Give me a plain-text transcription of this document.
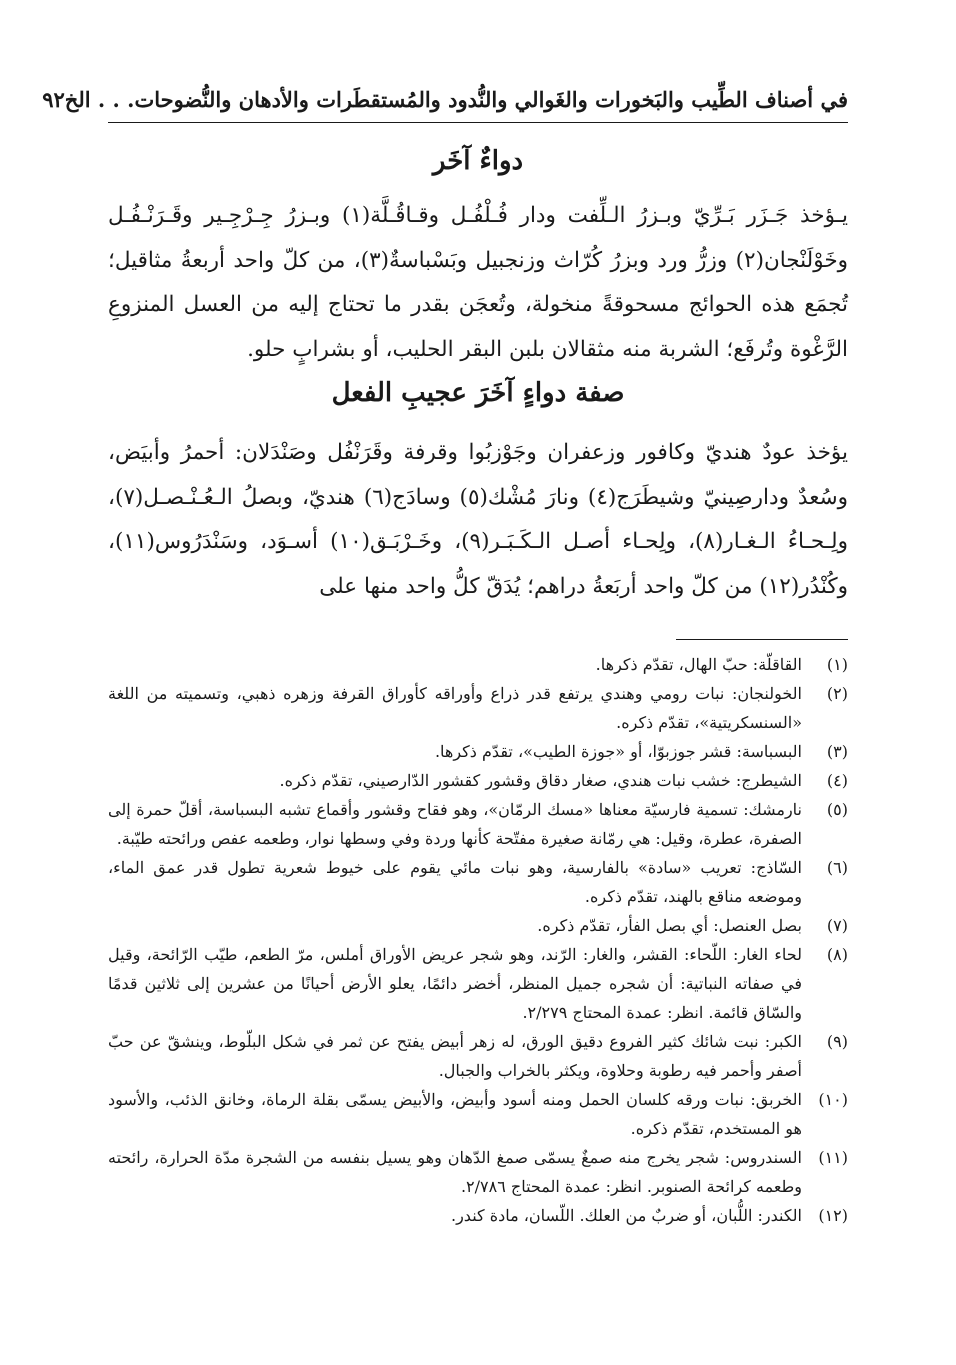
في أصناف الطِّيب والبَخورات والغَوالي والنُّدود والمُستقطَرات والأدهان والنُّضوحات. . . الخ
٩٢
دواءٌ آخَر

يـؤخذ جَـزَر بَـرِّيّ وبـزرُ الـلِّفت ودار فُـلْفُـل وقـاقُـلَّة(١) وبـزرُ جِـرْجِـير وقَـرَنْـفُـل وخَوْلَنْجان(٢) وزرُّ ورد وبزرُ كُرّاث وزنجبيل وبَسْباسةٌ(٣)، من كلّ واحد أربعةُ مثاقيل؛ تُجمَع هذه الحوائج مسحوقةً منخولة، وتُعجَن بقدر ما تحتاج إليه من العسل المنزوعِ الرَّغْوة وتُرفَع؛ الشربة منه مثقالان بلبن البقر الحليب، أو بشرابٍ حلو.

صفة دواءٍ آخَرَ عجيبِ الفعل

يؤخذ عودٌ هنديّ وكافور وزعفران وجَوْزبُوا وقرفة وقَرَنْفُل وصَنْدَلان: أحمرُ وأبيَض، وسُعدٌ ودارصِينيّ وشيطَرَج(٤) ونارَ مُشْك(٥) وسادَج(٦) هنديّ، وبصلُ الـعُـنْـصـل(٧)، ولِـحـاءُ الـغـار(٨)، ولِحـاء أصـل الـكَـبَـر(٩)، وخَـرْبَـق(١٠) أسـوَد، وسَنْدَرُوس(١١)، وكُنْدُر(١٢) من كلّ واحد أربَعةُ دراهم؛ يُدَقّ كلُّ واحد منها على

(١)
القاقلّة: حبّ الهال، تقدّم ذكرها.
(٢)
الخولنجان: نبات رومي وهندي يرتفع قدر ذراع وأوراقه كأوراق القرفة وزهره ذهبي، وتسميته من اللغة «السنسكريتية»، تقدّم ذكره.
(٣)
البسباسة: قشر جوزبوّا، أو «جوزة الطيب»، تقدّم ذكرها.
(٤)
الشيطرج: خشب نبات هندي، صغار دقاق وقشور كقشور الدّارصيني، تقدّم ذكره.
(٥)
نارمشك: تسمية فارسيّة معناها «مسك الرمّان»، وهو فقاح وقشور وأقماع تشبه البسباسة، أقلّ حمرة إلى الصفرة، عطرة، وقيل: هي رمّانة صغيرة مفتّحة كأنها وردة وفي وسطها نوار، وطعمه عفص ورائحته طيّبة.
(٦)
السّاذج: تعريب «سادة» بالفارسية، وهو نبات مائي يقوم على خيوط شعرية تطول قدر عمق الماء، وموضعه مناقع بالهند، تقدّم ذكره.
(٧)
بصل العنصل: أي بصل الفأر، تقدّم ذكره.
(٨)
لحاء الغار: اللّحاء: القشر، والغار: الرّند، وهو شجر عريض الأوراق أملس، مرّ الطعم، طيّب الرّائحة، وقيل في صفاته النباتية: أن شجره جميل المنظر، أخضر دائمًا، يعلو الأرض أحيانًا من عشرين إلى ثلاثين قدمًا والسّاق قائمة. انظر: عمدة المحتاج ٢/٢٧٩.
(٩)
الكبر: نبت شائك كثير الفروع دقيق الورق، له زهر أبيض يفتح عن ثمر في شكل البلّوط، وينشقّ عن حبّ أصفر وأحمر فيه رطوبة وحلاوة، ويكثر بالخراب والجبال.
(١٠)
الخربق: نبات ورقه كلسان الحمل ومنه أسود وأبيض، والأبيض يسمّى بقلة الرماة، وخانق الذئب، والأسود هو المستخدم، تقدّم ذكره.
(١١)
السندروس: شجر يخرج منه صمغٌ يسمّى صمغ الدّهان وهو يسيل بنفسه من الشجرة مدّة الحرارة، رائحته وطعمه كرائحة الصنوبر. انظر: عمدة المحتاج ٢/٧٨٦.
(١٢)
الكندر: اللُّبان، أو ضربٌ من العلك. اللّسان، مادة كندر.
